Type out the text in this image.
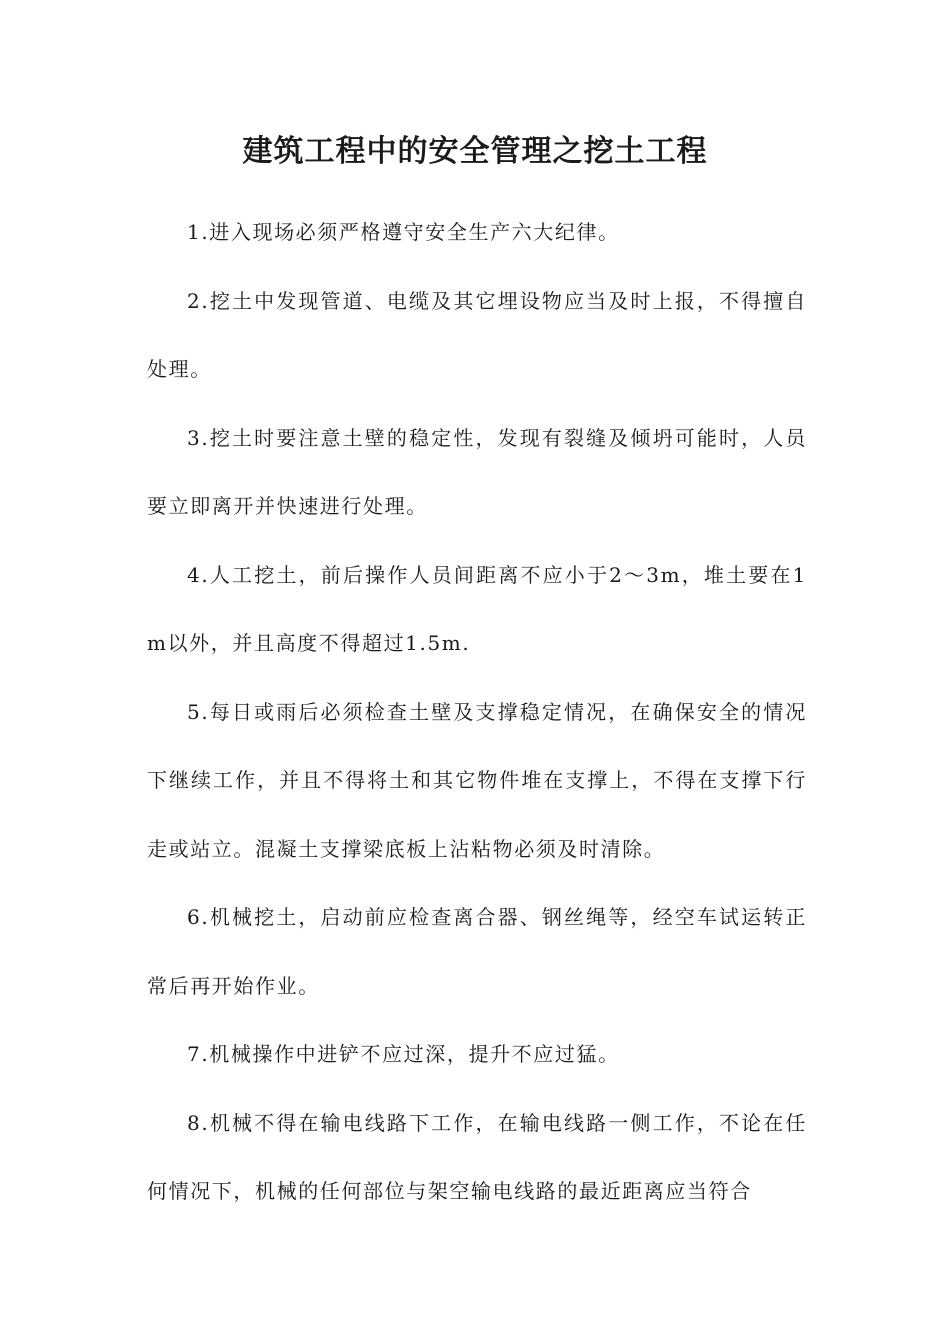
建筑工程中的安全管理之挖土工程

1.进入现场必须严格遵守安全生产六大纪律。

2.挖土中发现管道、电缆及其它埋设物应当及时上报，不得擅自处理。

3.挖土时要注意土壁的稳定性，发现有裂缝及倾坍可能时，人员要立即离开并快速进行处理。

4.人工挖土，前后操作人员间距离不应小于2～3m，堆土要在1m以外，并且高度不得超过1.5m.

5.每日或雨后必须检查土壁及支撑稳定情况，在确保安全的情况下继续工作，并且不得将土和其它物件堆在支撑上，不得在支撑下行走或站立。混凝土支撑梁底板上沾粘物必须及时清除。

6.机械挖土，启动前应检查离合器、钢丝绳等，经空车试运转正常后再开始作业。

7.机械操作中进铲不应过深，提升不应过猛。

8.机械不得在输电线路下工作，在输电线路一侧工作，不论在任何情况下，机械的任何部位与架空输电线路的最近距离应当符合
